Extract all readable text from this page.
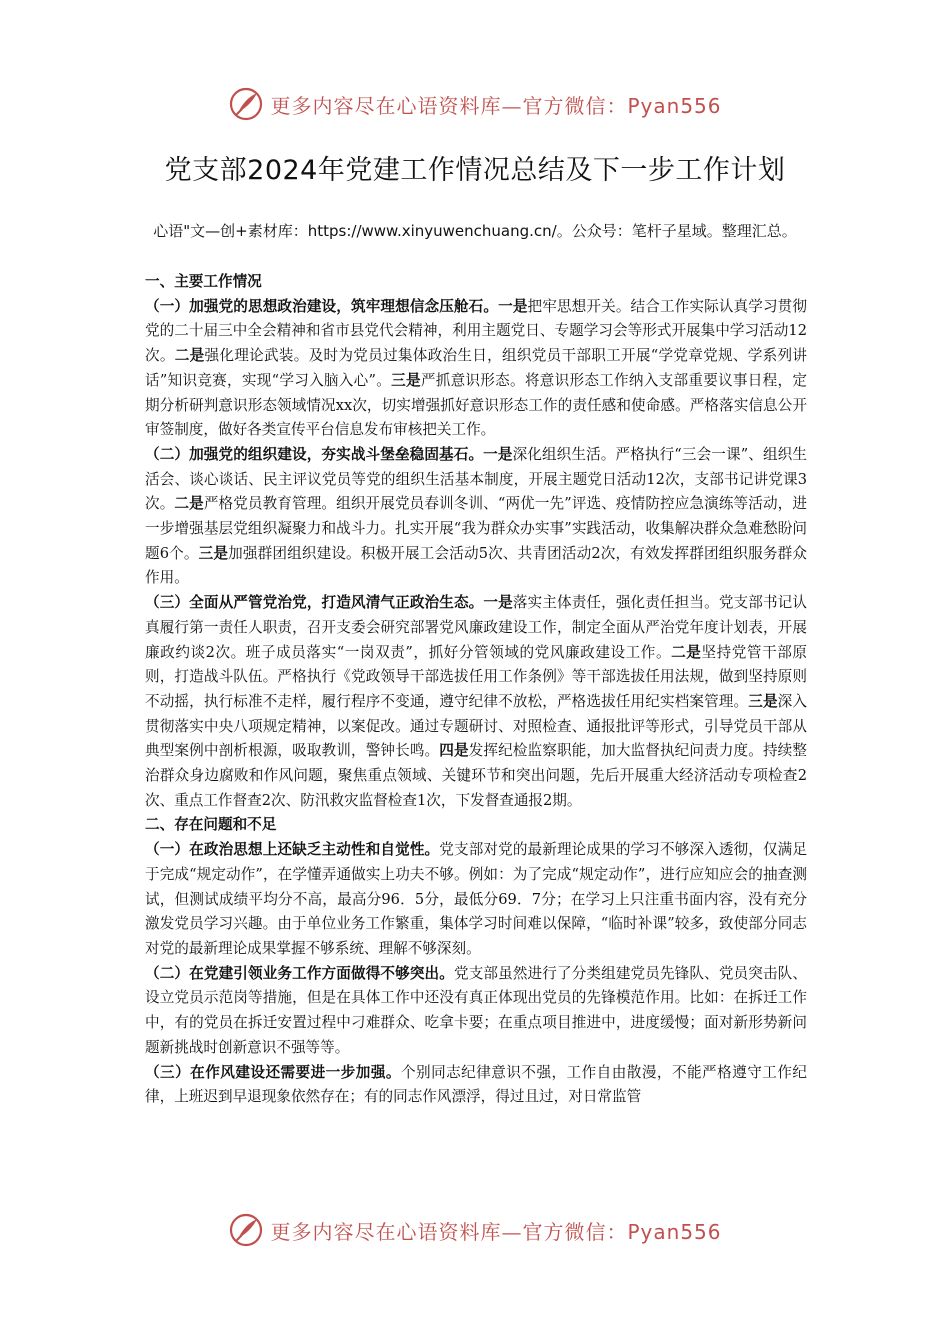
更多内容尽在心语资料库—官方微信：Pyan556
党支部2024年党建工作情况总结及下一步工作计划
心语"文—创+素材库：https://www.xinyuwenchuang.cn/。公众号：笔杆子星域。整理汇总。

一、主要工作情况

（一）加强党的思想政治建设，筑牢理想信念压舱石。一是把牢思想开关。结合工作实际认真学习贯彻党的二十届三中全会精神和省市县党代会精神，利用主题党日、专题学习会等形式开展集中学习活动12次。二是强化理论武装。及时为党员过集体政治生日，组织党员干部职工开展“学党章党规、学系列讲话”知识竞赛，实现“学习入脑入心”。三是严抓意识形态。将意识形态工作纳入支部重要议事日程，定期分析研判意识形态领域情况xx次，切实增强抓好意识形态工作的责任感和使命感。严格落实信息公开审签制度，做好各类宣传平台信息发布审核把关工作。

（二）加强党的组织建设，夯实战斗堡垒稳固基石。一是深化组织生活。严格执行“三会一课”、组织生活会、谈心谈话、民主评议党员等党的组织生活基本制度，开展主题党日活动12次，支部书记讲党课3次。二是严格党员教育管理。组织开展党员春训冬训、“两优一先”评选、疫情防控应急演练等活动，进一步增强基层党组织凝聚力和战斗力。扎实开展“我为群众办实事”实践活动，收集解决群众急难愁盼问题6个。三是加强群团组织建设。积极开展工会活动5次、共青团活动2次，有效发挥群团组织服务群众作用。

（三）全面从严管党治党，打造风清气正政治生态。一是落实主体责任，强化责任担当。党支部书记认真履行第一责任人职责，召开支委会研究部署党风廉政建设工作，制定全面从严治党年度计划表，开展廉政约谈2次。班子成员落实“一岗双责”，抓好分管领域的党风廉政建设工作。二是坚持党管干部原则，打造战斗队伍。严格执行《党政领导干部选拔任用工作条例》等干部选拔任用法规，做到坚持原则不动摇，执行标准不走样，履行程序不变通，遵守纪律不放松，严格选拔任用纪实档案管理。三是深入贯彻落实中央八项规定精神，以案促改。通过专题研讨、对照检查、通报批评等形式，引导党员干部从典型案例中剖析根源，吸取教训，警钟长鸣。四是发挥纪检监察职能，加大监督执纪问责力度。持续整治群众身边腐败和作风问题，聚焦重点领域、关键环节和突出问题，先后开展重大经济活动专项检查2次、重点工作督查2次、防汛救灾监督检查1次，下发督查通报2期。

二、存在问题和不足

（一）在政治思想上还缺乏主动性和自觉性。党支部对党的最新理论成果的学习不够深入透彻，仅满足于完成“规定动作”，在学懂弄通做实上功夫不够。例如：为了完成“规定动作”，进行应知应会的抽查测试，但测试成绩平均分不高，最高分96．5分，最低分69．7分；在学习上只注重书面内容，没有充分激发党员学习兴趣。由于单位业务工作繁重，集体学习时间难以保障，“临时补课”较多，致使部分同志对党的最新理论成果掌握不够系统、理解不够深刻。

（二）在党建引领业务工作方面做得不够突出。党支部虽然进行了分类组建党员先锋队、党员突击队、设立党员示范岗等措施，但是在具体工作中还没有真正体现出党员的先锋模范作用。比如：在拆迁工作中，有的党员在拆迁安置过程中刁难群众、吃拿卡要；在重点项目推进中，进度缓慢；面对新形势新问题新挑战时创新意识不强等等。

（三）在作风建设还需要进一步加强。个别同志纪律意识不强，工作自由散漫，不能严格遵守工作纪律，上班迟到早退现象依然存在；有的同志作风漂浮，得过且过，对日常监管

更多内容尽在心语资料库—官方微信：Pyan556
